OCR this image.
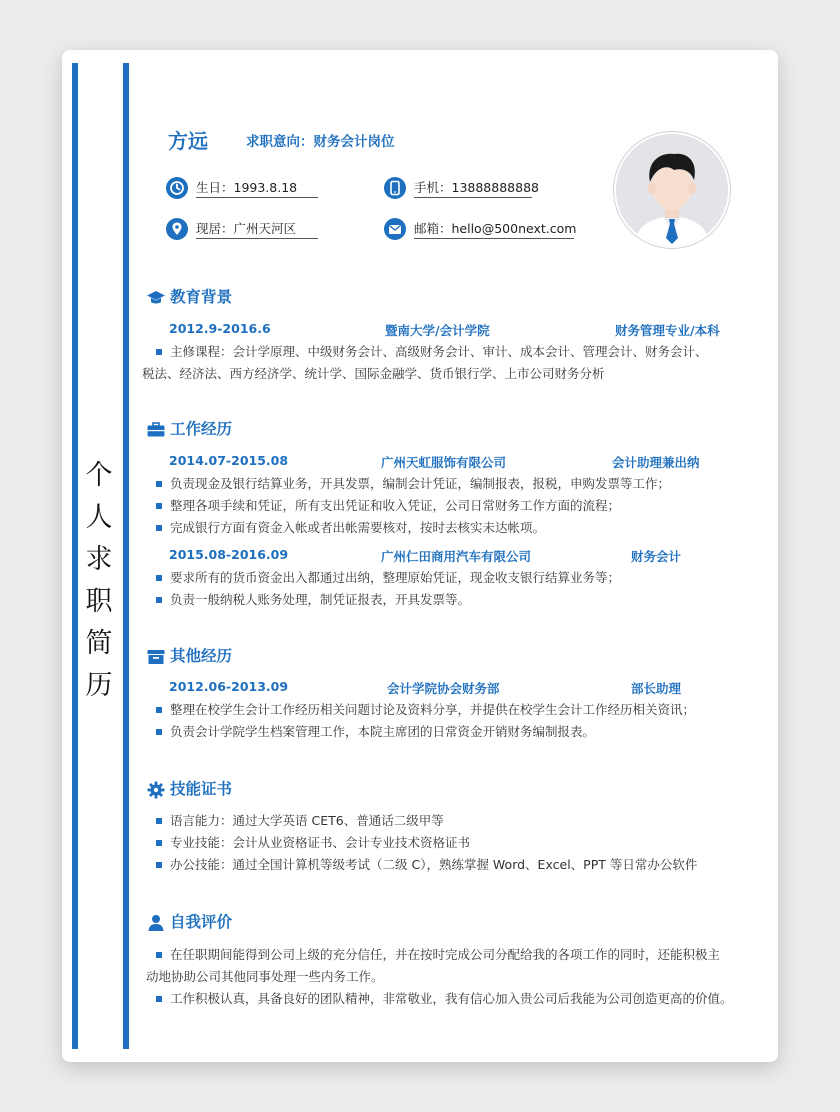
个
人
求
职
简
历
方远	求职意向：财务会计岗位
生日：1993.8.18	手机：13888888888
现居：广州天河区	邮箱：hello@500next.com
教育背景
2012.9-2016.6	暨南大学/会计学院	财务管理专业/本科
主修课程：会计学原理、中级财务会计、高级财务会计、审计、成本会计、管理会计、财务会计、
税法、经济法、西方经济学、统计学、国际金融学、货币银行学、上市公司财务分析
工作经历
2014.07-2015.08	广州天虹服饰有限公司	会计助理兼出纳
负责现金及银行结算业务，开具发票，编制会计凭证，编制报表，报税，申购发票等工作；
整理各项手续和凭证，所有支出凭证和收入凭证，公司日常财务工作方面的流程；
完成银行方面有资金入帐或者出帐需要核对，按时去核实未达帐项。
2015.08-2016.09	广州仁田商用汽车有限公司	财务会计
要求所有的货币资金出入都通过出纳，整理原始凭证，现金收支银行结算业务等；
负责一般纳税人账务处理，制凭证报表，开具发票等。
其他经历
2012.06-2013.09	会计学院协会财务部	部长助理
整理在校学生会计工作经历相关问题讨论及资料分享，并提供在校学生会计工作经历相关资讯；
负责会计学院学生档案管理工作，本院主席团的日常资金开销财务编制报表。
技能证书
语言能力：通过大学英语 CET6、普通话二级甲等
专业技能：会计从业资格证书、会计专业技术资格证书
办公技能：通过全国计算机等级考试（二级 C），熟练掌握 Word、Excel、PPT 等日常办公软件
自我评价
在任职期间能得到公司上级的充分信任，并在按时完成公司分配给我的各项工作的同时，还能积极主
动地协助公司其他同事处理一些内务工作。
工作积极认真，具备良好的团队精神，非常敬业，我有信心加入贵公司后我能为公司创造更高的价值。
